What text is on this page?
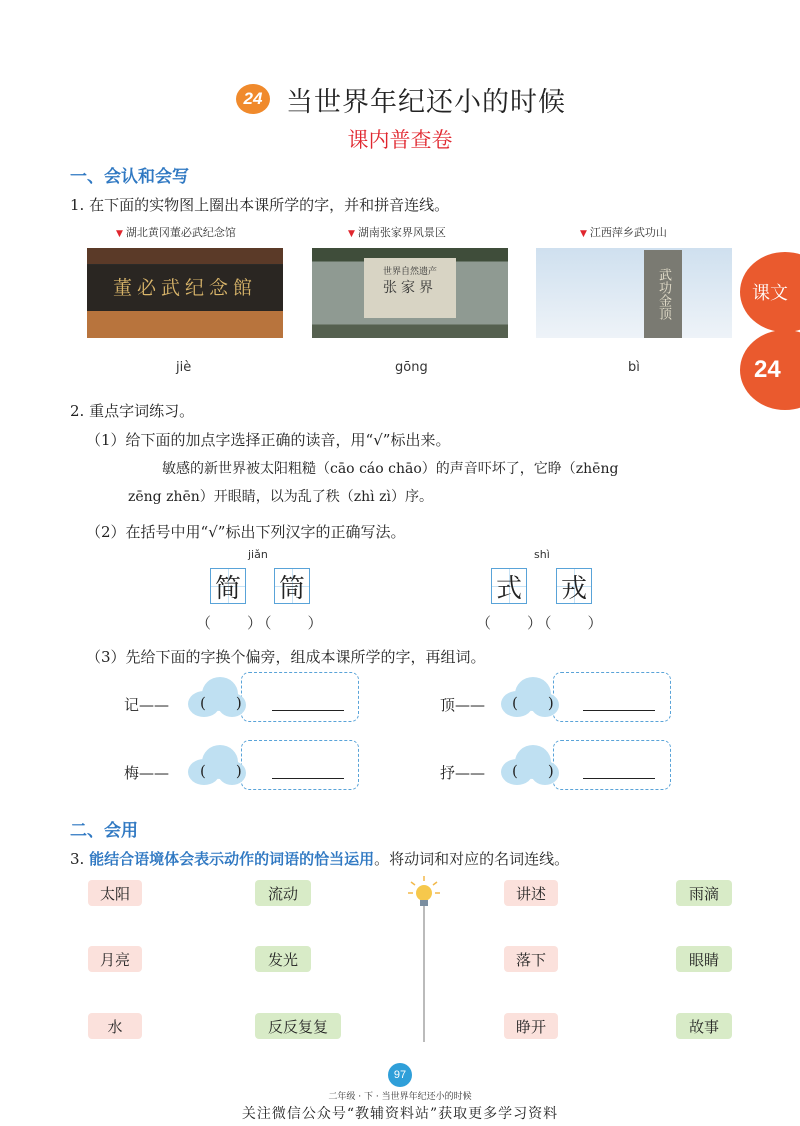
24 当世界年纪还小的时候
课内普查卷
课文
24
一、会认和会写
1. 在下面的实物图上圈出本课所学的字，并和拼音连线。
▼ 湖北黄冈董必武纪念馆	▼ 湖南张家界风景区	▼ 江西萍乡武功山
董必武纪念館
世界自然遗产
张家界	武功金顶
jiè	gōng	bì
2. 重点字词练习。
（1）给下面的加点字选择正确的读音，用“√”标出来。
敏感的新世界被太阳粗糙（cāo cáo chāo）的声音吓坏了，它睁（zhēng
zēng zhēn）开眼睛，以为乱了秩（zhì zì）序。
（2）在括号中用“√”标出下列汉字的正确写法。
jiǎn
简 筒
（　　）（　　）
shì
式 戎
（　　）（　　）
（3）先给下面的字换个偏旁，组成本课所学的字，再组词。
记—— (　　)	顶—— (　　)
梅—— (　　)	抒—— (　　)
二、会用
3. 能结合语境体会表示动作的词语的恰当运用。将动词和对应的名词连线。
太阳
月亮
水
流动
发光
反反复复
讲述
落下
睁开
雨滴
眼睛
故事
97
二年级 · 下 · 当世界年纪还小的时候
关注微信公众号“教辅资料站”获取更多学习资料
